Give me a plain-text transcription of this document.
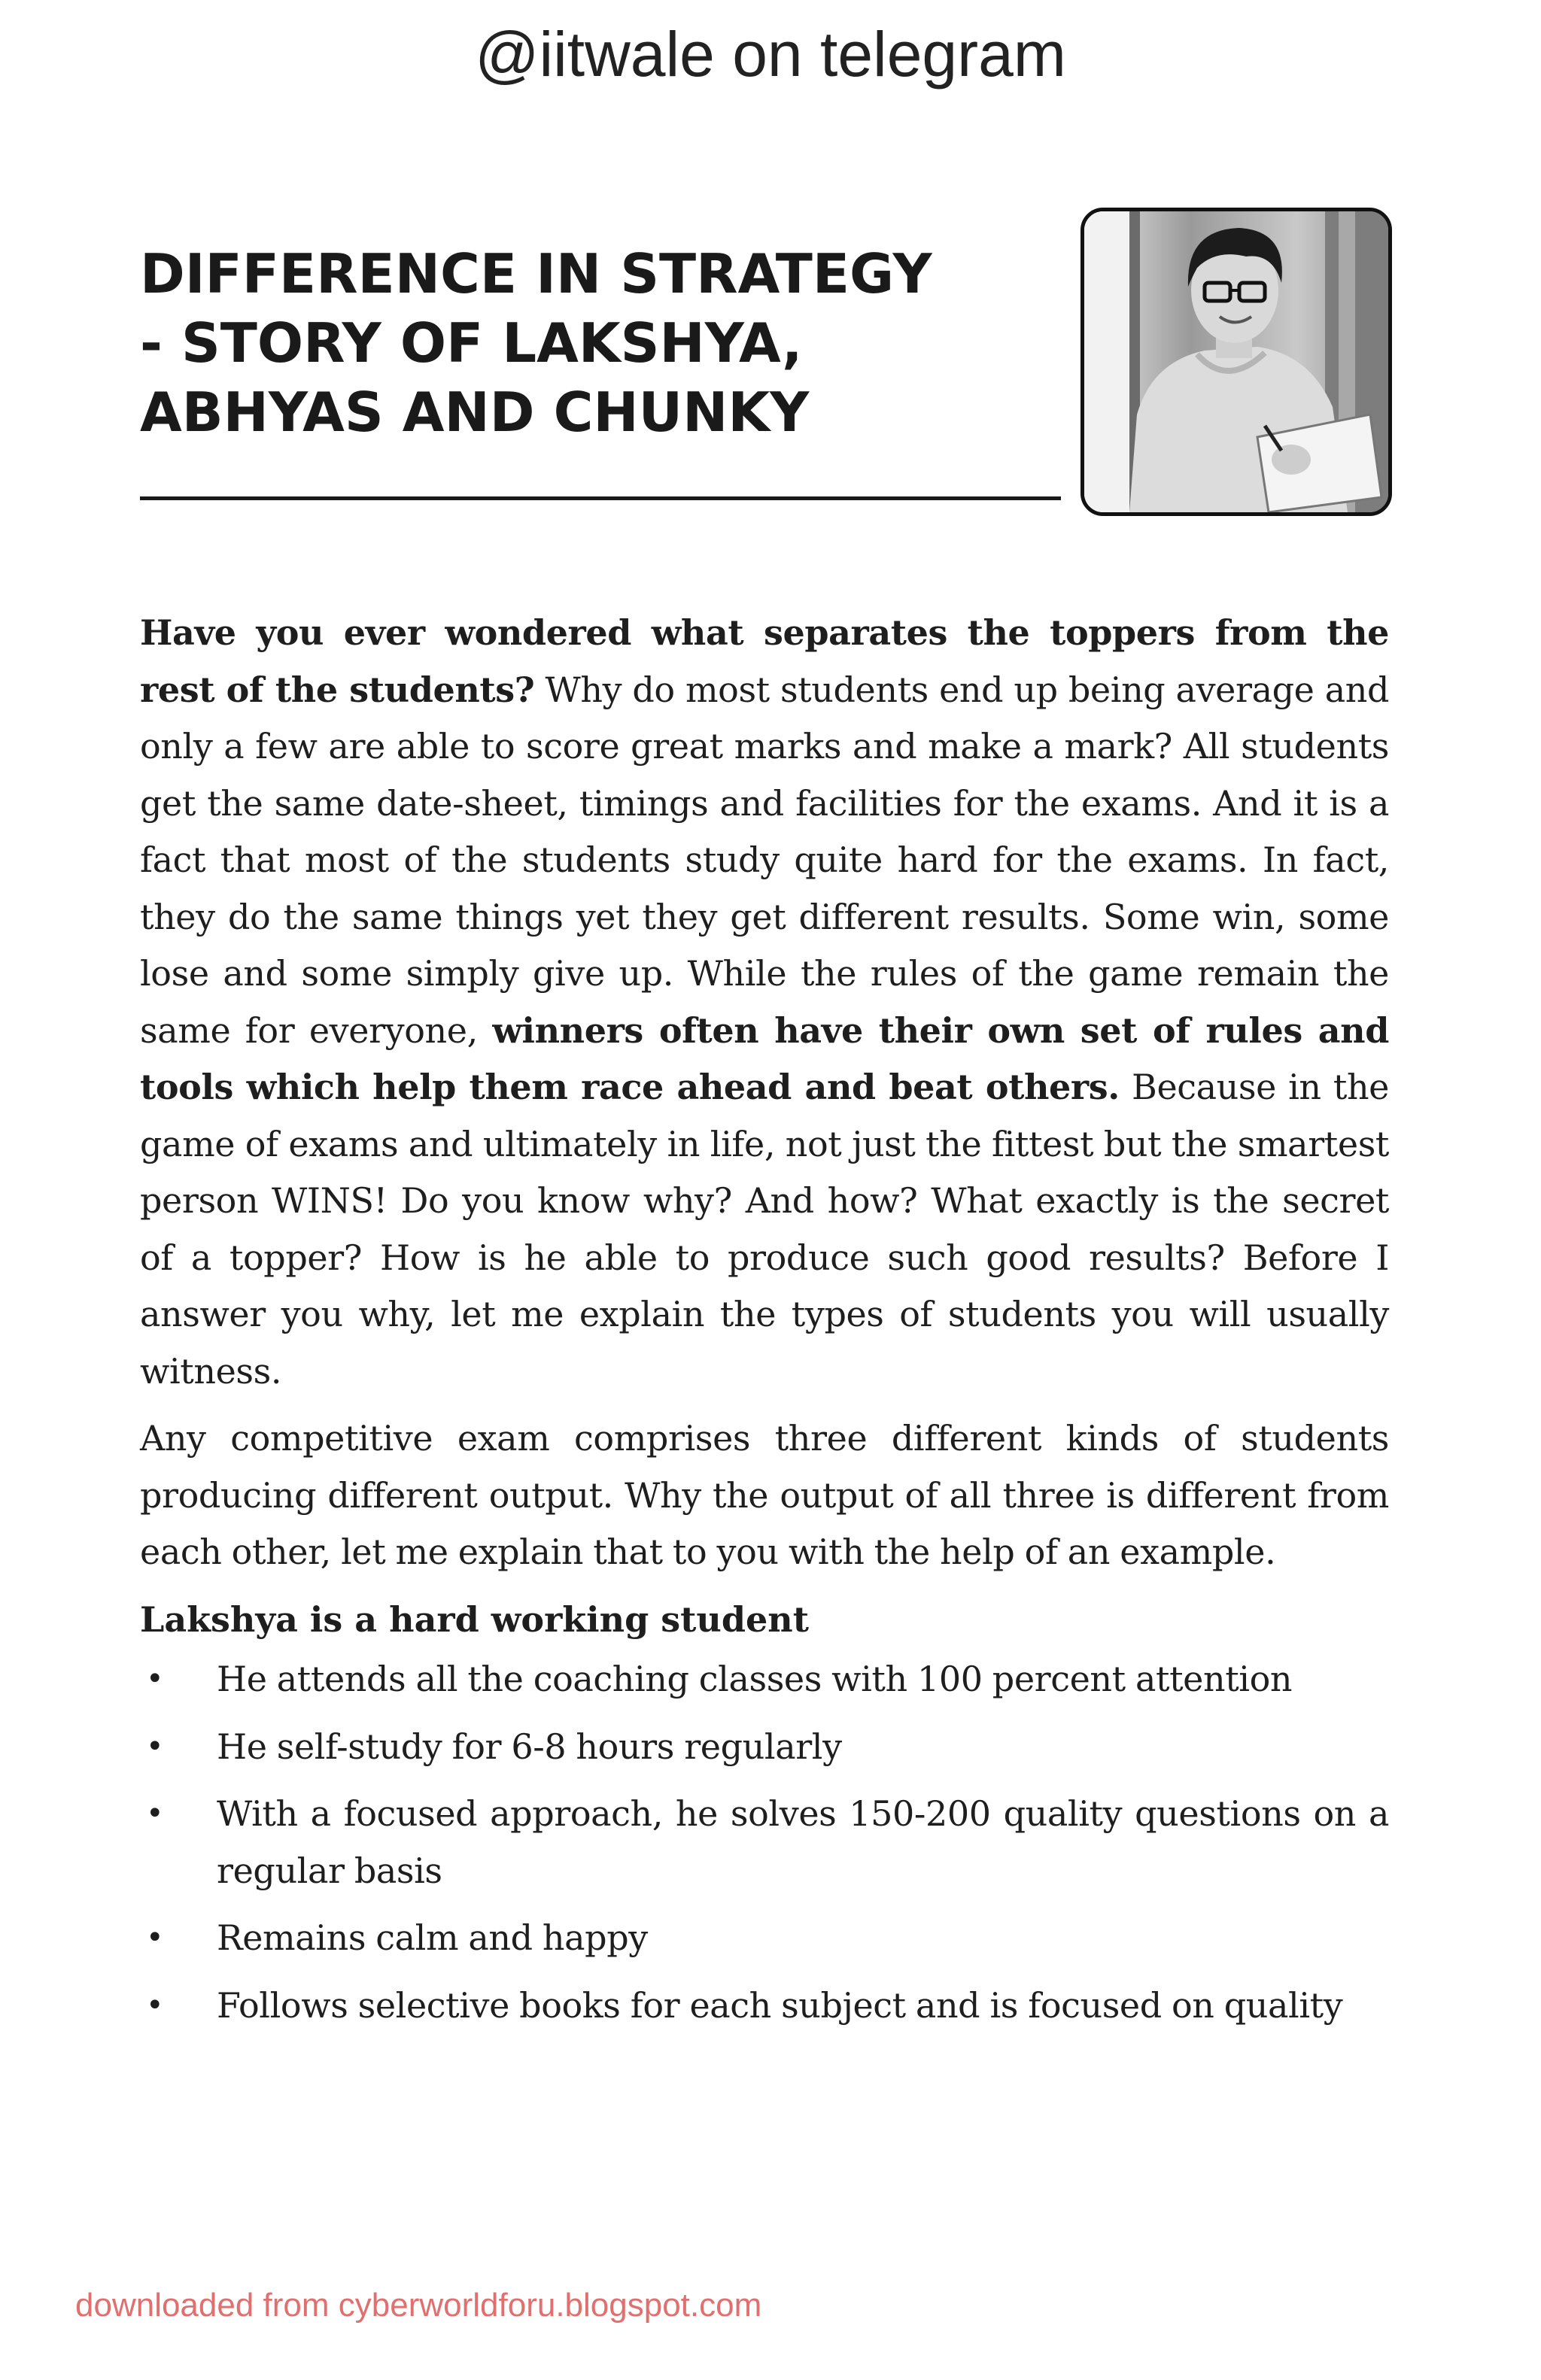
@iitwale on telegram
DIFFERENCE IN STRATEGY
- STORY OF LAKSHYA,
ABHYAS AND CHUNKY

Have you ever wondered what separates the toppers from the rest of the students? Why do most students end up being average and only a few are able to score great marks and make a mark? All students get the same date-sheet, timings and facilities for the exams. And it is a fact that most of the students study quite hard for the exams. In fact, they do the same things yet they get different results. Some win, some lose and some simply give up. While the rules of the game remain the same for everyone, winners often have their own set of rules and tools which help them race ahead and beat others. Because in the game of exams and ultimately in life, not just the fittest but the smartest person WINS! Do you know why? And how? What exactly is the secret of a topper? How is he able to produce such good results? Before I answer you why, let me explain the types of students you will usually witness.

Any competitive exam comprises three different kinds of students producing different output. Why the output of all three is different from each other, let me explain that to you with the help of an example.

Lakshya is a hard working student
• He attends all the coaching classes with 100 percent attention
• He self-study for 6-8 hours regularly
• With a focused approach, he solves 150-200 quality questions on a regular basis
• Remains calm and happy
• Follows selective books for each subject and is focused on quality
downloaded from cyberworldforu.blogspot.com
